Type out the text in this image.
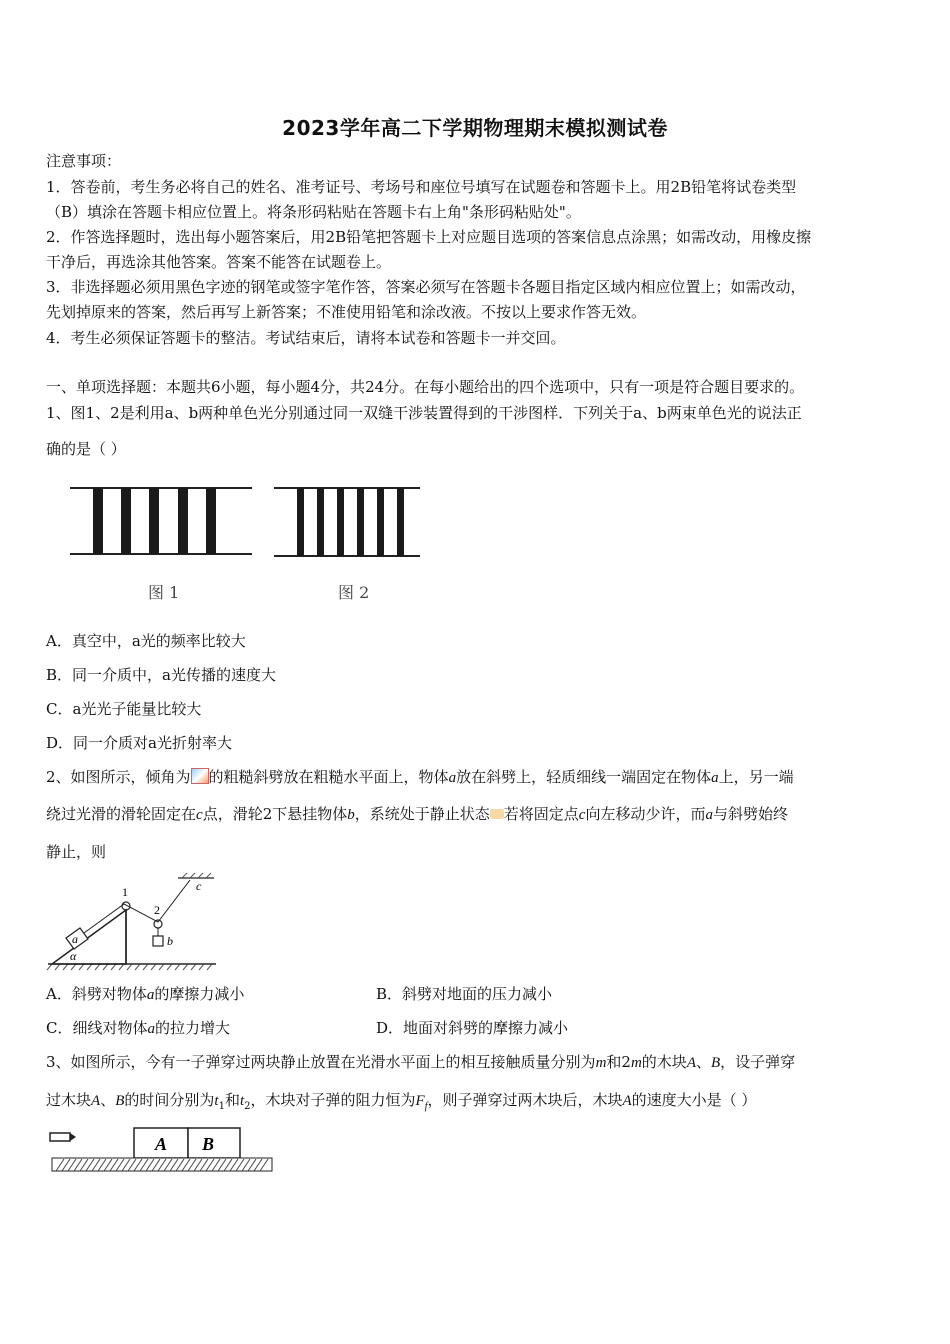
2023学年高二下学期物理期末模拟测试卷
注意事项：
1．答卷前，考生务必将自己的姓名、准考证号、考场号和座位号填写在试题卷和答题卡上。用2B铅笔将试卷类型
（B）填涂在答题卡相应位置上。将条形码粘贴在答题卡右上角"条形码粘贴处"。
2．作答选择题时，选出每小题答案后，用2B铅笔把答题卡上对应题目选项的答案信息点涂黑；如需改动，用橡皮擦
干净后，再选涂其他答案。答案不能答在试题卷上。
3．非选择题必须用黑色字迹的钢笔或签字笔作答，答案必须写在答题卡各题目指定区域内相应位置上；如需改动，
先划掉原来的答案，然后再写上新答案；不准使用铅笔和涂改液。不按以上要求作答无效。
4．考生必须保证答题卡的整洁。考试结束后，请将本试卷和答题卡一并交回。
一、单项选择题：本题共6小题，每小题4分，共24分。在每小题给出的四个选项中，只有一项是符合题目要求的。
1、图1、2是利用a、b两种单色光分别通过同一双缝干涉装置得到的干涉图样．下列关于a、b两束单色光的说法正
确的是（ ）
图 1	图 2
A．真空中，a光的频率比较大
B．同一介质中，a光传播的速度大
C．a光光子能量比较大
D．同一介质对a光折射率大
2、如图所示，倾角为 的粗糙斜劈放在粗糙水平面上，物体a放在斜劈上，轻质细线一端固定在物体a上，另一端
绕过光滑的滑轮固定在c点，滑轮2下悬挂物体b，系统处于静止状态 若将固定点c向左移动少许，而a与斜劈始终
静止，则
1
2
a	b
c
α
A．斜劈对物体a的摩擦力减小	B．斜劈对地面的压力减小
C．细线对物体a的拉力增大	D．地面对斜劈的摩擦力减小
3、如图所示，今有一子弹穿过两块静止放置在光滑水平面上的相互接触质量分别为m和2m的木块A、B，设子弹穿
过木块A、B的时间分别为$t_1$和$t_2$，木块对子弹的阻力恒为$F_f$，则子弹穿过两木块后，木块A的速度大小是（ ）
A B
